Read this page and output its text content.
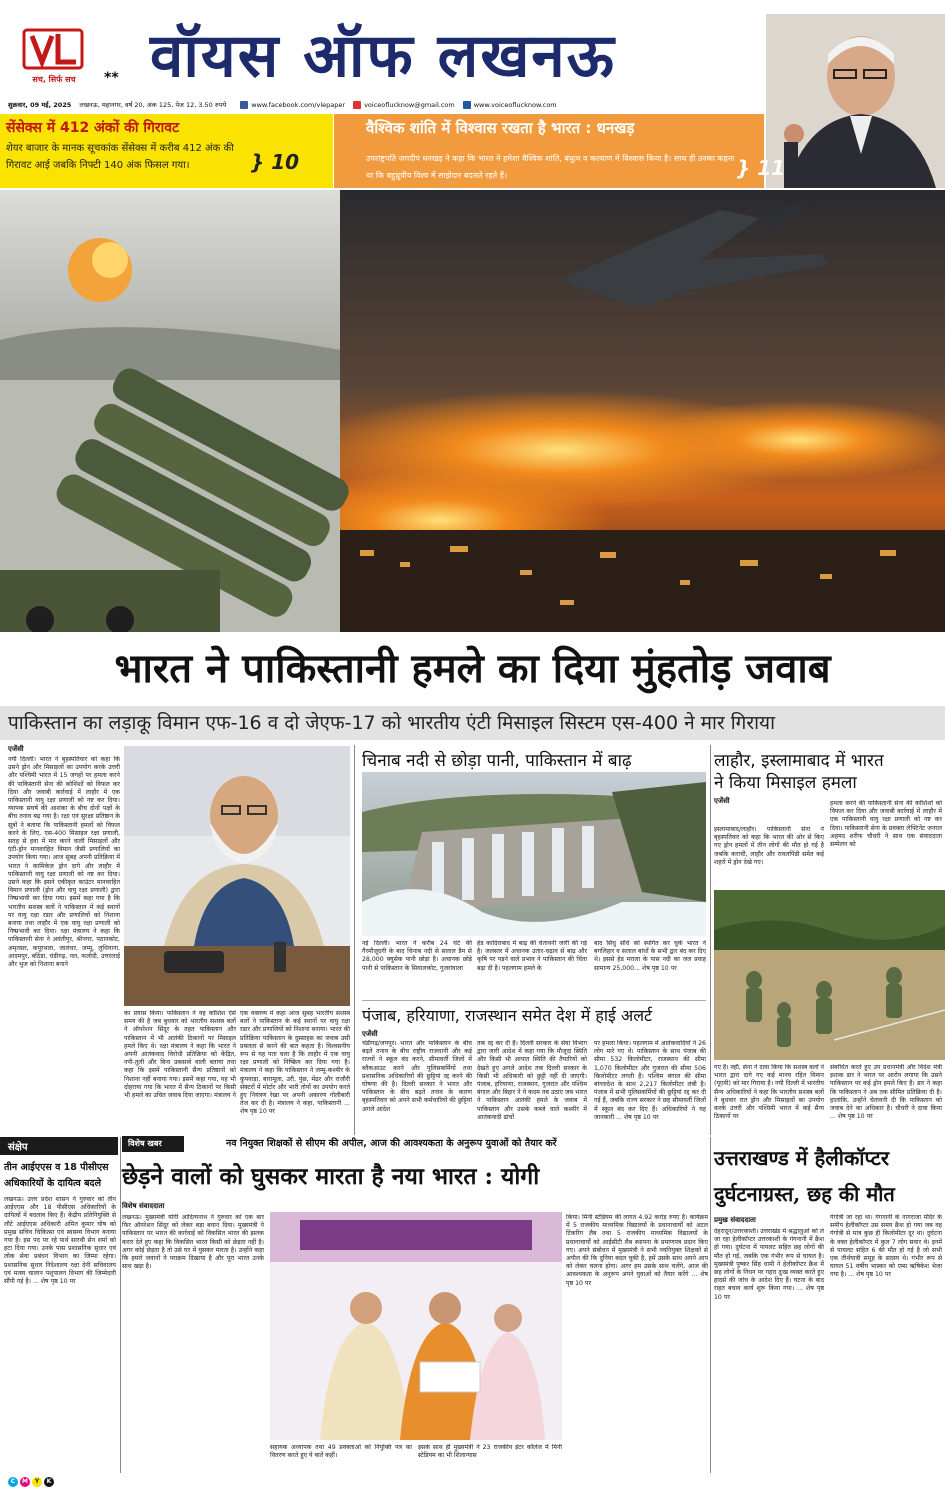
सच, सिर्फ सच	** वॉयस ऑफ लखनऊ
शुक्रवार, 09 मई, 2025 लखनऊ, महानगर, वर्ष 20, अंक 125, पेज 12, 3.50 रुपये	www.facebook.com/vlepaper	voiceoflucknow@gmail.com	www.voiceoflucknow.com
सेंसेक्स में 412 अंकों की गिरावट
शेयर बाजार के मानक सूचकांक सेंसेक्स में करीब 412 अंक की गिरावट आई जबकि निफ्टी 140 अंक फिसल गया।	} 10
वैश्विक शांति में विश्वास रखता है भारत : धनखड़
उपराष्ट्रपति जगदीप धनखड़ ने कहा कि भारत ने हमेशा वैश्विक शांति, बंधुत्व व कल्याण में विश्वास किया है। साथ ही उनका कहना था कि बहुध्रुवीय विश्व में साझेदार बदलते रहते हैं।	} 11
भारत ने पाकिस्तानी हमले का दिया मुंहतोड़ जवाब
पाकिस्तान का लड़ाकू विमान एफ-16 व दो जेएफ-17 को भारतीय एंटी मिसाइल सिस्टम एस-400 ने मार गिराया
एजेंसी
नयी दिल्ली। भारत ने बृहस्पतिवार को कहा कि उसने ड्रोन और मिसाइलों का उपयोग करके उत्तरी और पश्चिमी भारत में 15 जगहों पर हमला करने की पाकिस्तानी सेना की कोशिशों को विफल कर दिया और जवाबी कार्रवाई में लाहौर में एक पाकिस्तानी वायु रक्षा प्रणाली को नष्ट कर दिया। व्यापक संघर्ष की आशंका के बीच दोनों पक्षों के बीच तनाव बढ़ गया है। रक्षा एवं सुरक्षा प्रतिष्ठान के सूत्रों ने बताया कि पाकिस्तानी हमलों को विफल करने के लिए, एस-400 मिसाइल रक्षा प्रणाली, सतह से हवा में मार करने वाली मिसाइलों और एंटी-ड्रोन मानवरहित विमान जैसी प्रणालियों का उपयोग किया गया। आज सुबह अपनी प्रतिक्रिया में भारत ने कामिकेज़ ड्रोन दागे और लाहौर में पाकिस्तानी वायु रक्षा प्रणाली को नष्ट कर दिया। उसने कहा कि इसने एकीकृत काउंटर मानवरहित विमान प्रणाली (ड्रोन और वायु रक्षा प्रणाली) द्वारा निष्प्रभावी कर दिया गया। इसमें कहा गया है कि भारतीय सशस्त्र बलों ने पाकिस्तान में कई स्थानों पर वायु रक्षा रडार और प्रणालियों को निशाना बनाया तथा लाहौर में एक वायु रक्षा प्रणाली को निष्प्रभावी कर दिया। रक्षा मंत्रालय ने कहा कि पाकिस्तानी सेना ने अवंतीपुर, श्रीनगर, पठानकोट, अमृतसर, कपूरथला, जालंधर, जम्मू, लुधियाना, आदमपुर, बठिंडा, चंडीगढ़, नल, फलोदी, उत्तरलाई और भुज को निशाना बनाने
का प्रयास किया। पाकिस्तान ने यह कोशिश ऐसे समय की है जब बुधवार को भारतीय सशस्त्र बलों ने ऑपरेशन सिंदूर के तहत पाकिस्तान और पाकिस्तान में भी आतंकी ठिकानों पर मिसाइल हमले किए थे। रक्षा मंत्रालय ने कहा कि भारत ने अपनी आतंकवाद विरोधी प्रतिक्रिया को केंद्रित, नपी-तुली और बिना उकसावे वाली बताया तथा कहा कि इसमें पाकिस्तानी सैन्य प्रतिष्ठानों को निशाना नहीं बनाया गया। इसमें कहा गया, यह भी दोहराया गया कि भारत में सैन्य ठिकानों पर किसी भी हमले का उचित जवाब दिया जाएगा। मंत्रालय ने
एक वक्तव्य में कहा आज सुबह भारतीय सशस्त्र बलों ने पाकिस्तान के कई स्थानों पर वायु रक्षा रडार और प्रणालियों को निशाना बनाया। भारत की प्रतिक्रिया पाकिस्तान के दुस्साहस का जवाब उसी प्रबलता से करने की बात कहता है। विश्वसनीय रूप से यह पता चला है कि लाहौर में एक वायु रक्षा प्रणाली को निष्क्रिय कर दिया गया है। मंत्रालय ने कहा कि पाकिस्तान ने जम्मू-कश्मीर के कुपवाड़ा, बारामूला, उरी, पुंछ, मेंढर और राजौरी सेक्टरों में मोर्टार और भारी तोपों का उपयोग करते हुए नियंत्रण रेखा पर अपनी अकारण गोलीबारी तेज कर दी है। मंत्रालय ने कहा, पाकिस्तानी ... शेष पृष्ठ 10 पर
चिनाब नदी से छोड़ा पानी, पाकिस्तान में बाढ़
नई दिल्ली। भारत ने करीब 24 घंटे की गैरमौजूदगी के बाद चिनाब नदी से सलाल डैम से 28,000 क्यूसेक पानी छोड़ा है। अचानक छोड़े पानी से पाकिस्तान के सियालकोट, गुजरांवाला
हेड कादिराबाद में बाढ़ की चेतावनी जारी की गई है। जलस्तर में अचानक उतार-चढ़ाव से बाढ़ और कृषि पर पड़ने वाले प्रभाव ने पाकिस्तान की चिंता बढ़ा दी है। पहलगाम हमले के
बाद सिंधु संधि को स्थगित कर चुके भारत ने बगलिहार व सलाल बांधों के सभी द्वार बंद कर दिए थे। इससे हेड मराला के पास नदी का जल प्रवाह सामान्य 25,000... शेष पृष्ठ 10 पर
पंजाब, हरियाणा, राजस्थान समेत देश में हाई अलर्ट
एजेंसी
चंडीगढ़/जयपुर। भारत और पाकिस्तान के बीच बढ़ते तनाव के बीच राष्ट्रीय राजधानी और कई राज्यों ने स्कूल बंद करने, सीमावर्ती जिलों में ब्लैकआउट करने और पुलिसकर्मियों तथा प्रशासनिक अधिकारियों की छुट्टियां रद्द करने की घोषणा की है। दिल्ली सरकार ने भारत और पाकिस्तान के बीच बढ़ते तनाव के कारण बृहस्पतिवार को अपने सभी कर्मचारियों की छुट्टियां अगले आदेश
तक रद्द कर दी हैं। दिल्ली सरकार के सेवा विभाग द्वारा जारी आदेश में कहा गया कि मौजूदा स्थिति और किसी भी आपात स्थिति की तैयारियों को देखते हुए अगले आदेश तक दिल्ली सरकार के किसी भी अधिकारी को छुट्टी नहीं दी जाएगी। पंजाब, हरियाणा, राजस्थान, गुजरात और पश्चिम बंगाल और बिहार ने ये कदम तब उठाए जब भारत ने पाकिस्तान आतंकी हमले के जवाब में पाकिस्तान और उसके कब्जे वाले कश्मीर में आतंकवादी ढांचों
पर हमला किया। पहलगाम में आतंकवादियों ने 26 लोग मारे गए थे। पाकिस्तान के साथ पंजाब की सीमा 532 किलोमीटर, राजस्थान की सीमा 1,070 किलोमीटर और गुजरात की सीमा 506 किलोमीटर लगती है। पश्चिम बंगाल की सीमा बांग्लादेश के साथ 2,217 किलोमीटर लंबी है। पंजाब में सभी पुलिसकर्मियों की छुट्टियां रद्द कर दी गई हैं, जबकि राज्य सरकार ने छह सीमावर्ती जिलों में स्कूल बंद कर दिए हैं। अधिकारियों ने यह जानकारी ... शेष पृष्ठ 10 पर
लाहौर, इस्लामाबाद में भारत
ने किया मिसाइल हमला
एजेंसी
इस्लामाबाद/लाहौर। पाकिस्तानी सेना ने बृहस्पतिवार को कहा कि भारत की ओर से किए गए ड्रोन हमलों में तीन लोगों की मौत हो गई है जबकि कराची, लाहौर और रावलपिंडी समेत कई शहरों में ड्रोन देखे गए।
हमला करने की पाकिस्तानी सेना की कोशिशों को विफल कर दिया और जवाबी कार्रवाई में लाहौर में एक पाकिस्तानी वायु रक्षा प्रणाली को नष्ट कर दिया। पाकिस्तानी सेना के प्रवक्ता लेफ्टिनेंट जनरल अहमद शरीफ चौधरी ने साथ एक संवाददाता सम्मेलन को
गए हैं। वहीं, सेना ने दावा किया कि सशस्त्र बलों ने भारत द्वारा दागे गए कई मानव रहित विमान (यूएवी) को मार गिराया है। नयी दिल्ली में भारतीय सैन्य अधिकारियों ने कहा कि भारतीय सशस्त्र बलों ने बुधवार रात ड्रोन और मिसाइलों का उपयोग करके उत्तरी और पश्चिमी भारत में कई सैन्य ठिकानों पर
संबोधित करते हुए उप प्रधानमंत्री और विदेश मंत्री इशाक डार ने भारत पर आरोप लगाया कि उसने पाकिस्तान पर कई ड्रोन हमले किए हैं। डार ने कहा कि पाकिस्तान ने अब तक सीमित प्रतिक्रिया दी है। हालांकि, उन्होंने चेतावनी दी कि पाकिस्तान को जवाब देने का अधिकार है। चौधरी ने दावा किया ... शेष पृष्ठ 10 पर
संक्षेप
तीन आईएएस व 18 पीसीएस अधिकारियों के दायित्व बदले
लखनऊ। उत्तर प्रदेश शासन ने गुरुवार को तीन आईएएस और 18 पीसीएस अधिकारियों के दायित्वों में बदलाव किए हैं। केंद्रीय प्रतिनियुक्ति से लौटे आईएएस अधिकारी अमित कुमार घोष को प्रमुख सचिव चिकित्सा एवं स्वास्थ्य विभाग बनाया गया है। इस पद पर रहे पार्थ सारथी सेन शर्मा को हटा दिया गया। उनके पास प्रशासनिक सुधार एवं लोक सेवा प्रबंधन विभाग का जिम्मा रहेगा। प्रशासनिक सुधार निदेशालय रक्षा देनी सचिवालय एवं मत्स्य चालान पशुपालन विभाग की जिम्मेदारी सौंपी गई है। ... शेष पृष्ठ 10 पर
विशेष खबर	नव नियुक्त शिक्षकों से सीएम की अपील, आज की आवश्यकता के अनुरूप युवाओं को तैयार करें
छेड़ने वालों को घुसकर मारता है नया भारत : योगी
विशेष संवाददाता
लखनऊ। मुख्यमंत्री योगी आदित्यनाथ ने गुरुवार को एक बार फिर ऑपरेशन सिंदूर को लेकर बड़ा बयान दिया। मुख्यमंत्री ने पाकिस्तान पर भारत की कार्रवाई को विकसित भारत की झलक करार देते हुए कहा कि विकसित भारत किसी को छेड़ता नहीं है। अगर कोई छेड़ता है तो उसे घर में घुसकर मारता है। उन्होंने कहा कि हमारे जवानों ने पराक्रम दिखाया है और पूरा भारत उनके साथ खड़ा है।
सहायक अध्यापक तथा 49 प्रवक्ताओं को नियुक्ति पत्र का वितरण करते हुए ये बातें कहीं।
इसके साथ ही मुख्यमंत्री ने 23 राजकीय इंटर कॉलेज में मिनी स्टेडियम का भी शिलान्यास
किया। मिनी स्टेडियम की लागत 4.92 करोड़ रुपए है। कार्यक्रम में 5 राजकीय माध्यमिक विद्यालयों के प्रधानाचार्यों को अटल टिंकरिंग लैब तथा 5 राजकीय माध्यमिक विद्यालयों के प्रधानाचार्यों को आईसीटी लैब स्थापना के प्रमाणपत्र प्रदान किए गए। अपने संबोधन में मुख्यमंत्री ने सभी नवनियुक्त शिक्षकों से अपील की कि दुनिया बदल चुकी है, हमें उसके साथ अपने आप को लेकर चलना होगा। अगर हम उसके साथ चलेंगे, आज की आवश्यकता के अनुरूप अपने युवाओं को तैयार करेंगे ... शेष पृष्ठ 10 पर
उत्तराखण्ड में हैलीकॉप्टर
दुर्घटनाग्रस्त, छह की मौत
प्रमुख संवाददाता
देहरादून/उत्तरकाशी। उत्तराखंड में श्रद्धालुओं को ले जा रहा हेलीकॉप्टर उत्तरकाशी के गंगनानी में क्रैश हो गया। दुर्घटना में पायलट सहित छह लोगों की मौत हो गई, जबकि एक गंभीर रूप से घायल है। मुख्यमंत्री पुष्कर सिंह धामी ने हेलीकॉप्टर क्रैश में छह लोगों के निधन पर गहरा दुःख व्यक्त करते हुए हादसे की जांच के आदेश दिए हैं। घटना के बाद राहत बचाव कार्य शुरू किया गया। ... शेष पृष्ठ 10 पर
गंगोत्री जा रहा था। गंगनानी के नागराजा मंदिर के समीप हेलीकॉप्टर उस समय क्रैश हो गया जब वह गंगोत्री से मात्र कुछ ही किलोमीटर दूर था। दुर्घटना के वक्त हेलीकॉप्टर में कुल 7 लोग सवार थे। इनमें से पायलट सहित 6 की मौत हो गई है जो सभी एक तीर्थयात्री समूह के सदस्य थे। गंभीर रूप से घायल 51 वर्षीय भास्कर को एम्स ऋषिकेश भेजा गया है। ... शेष पृष्ठ 10 पर
C	M	Y	K
